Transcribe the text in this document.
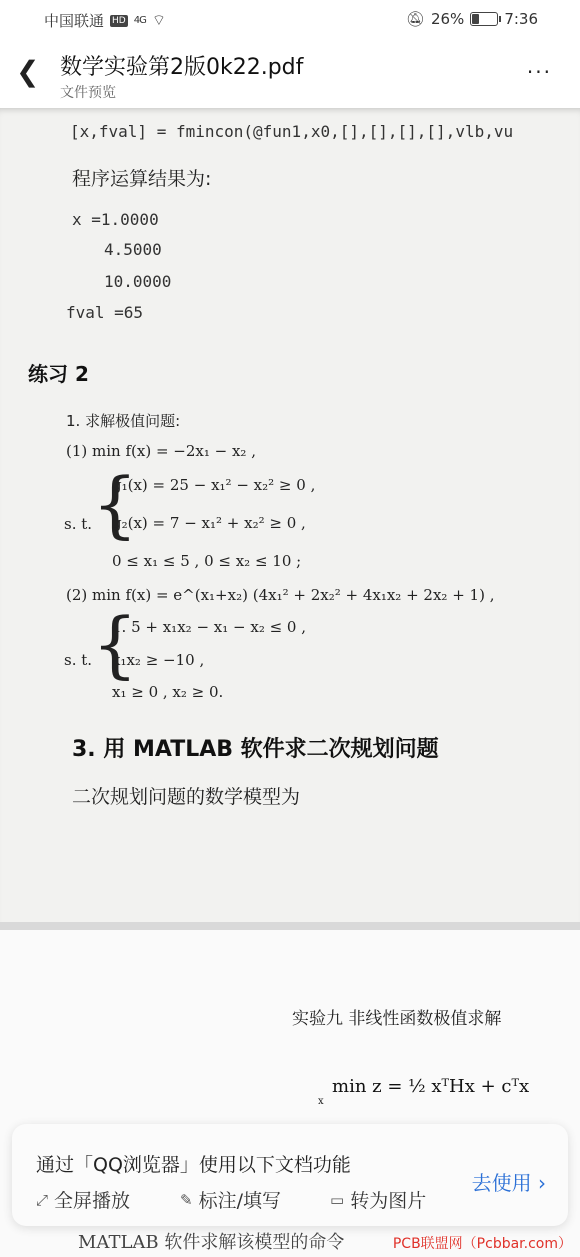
中国联通 HD 4G ⌔	🔕︎ 26%	7:36
❮ 数学实验第2版0k22.pdf
文件预览
···
[x,fval] = fmincon(@fun1,x0,[],[],[],[],vlb,vu
程序运算结果为:
x =1.0000
4.5000
10.0000
fval =65
练习 2
1. 求解极值问题:
(1) min f(x) = −2x₁ − x₂ ,
s. t. {
g₁(x) = 25 − x₁² − x₂² ≥ 0 ,
g₂(x) = 7 − x₁² + x₂² ≥ 0 ,
0 ≤ x₁ ≤ 5 , 0 ≤ x₂ ≤ 10 ;
(2) min f(x) = e^(x₁+x₂) (4x₁² + 2x₂² + 4x₁x₂ + 2x₂ + 1) ,
s. t. {
1. 5 + x₁x₂ − x₁ − x₂ ≤ 0 ,
x₁x₂ ≥ −10 ,
x₁ ≥ 0 , x₂ ≥ 0.
3. 用 MATLAB 软件求二次规划问题
二次规划问题的数学模型为
实验九 非线性函数极值求解
min z = ½ xᵀHx + cᵀx
x
MATLAB 软件求解该模型的命令
通过「QQ浏览器」使用以下文档功能
⤢ 全屏播放	✎ 标注/填写	▭ 转为图片
去使用 ›
PCB联盟网（Pcbbar.com）
